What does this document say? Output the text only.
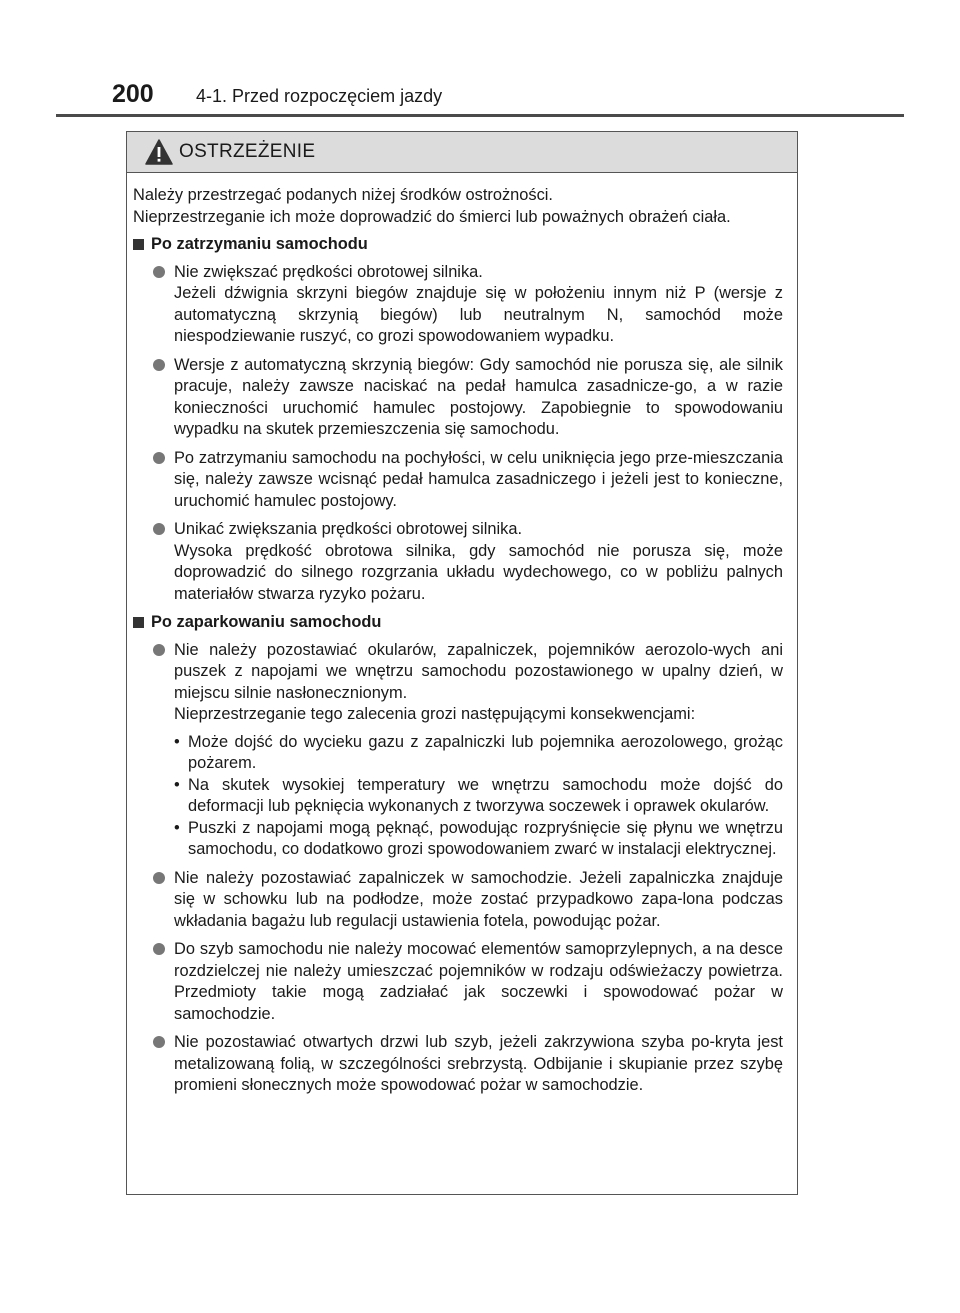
200	4-1. Przed rozpoczęciem jazdy
OSTRZEŻENIE

Należy przestrzegać podanych niżej środków ostrożności.
Nieprzestrzeganie ich może doprowadzić do śmierci lub poważnych obrażeń ciała.

Po zatrzymaniu samochodu

Nie zwiększać prędkości obrotowej silnika.

Jeżeli dźwignia skrzyni biegów znajduje się w położeniu innym niż P (wersje z automatyczną skrzynią biegów) lub neutralnym N, samochód może niespodziewanie ruszyć, co grozi spowodowaniem wypadku.

Wersje z automatyczną skrzynią biegów: Gdy samochód nie porusza się, ale silnik pracuje, należy zawsze naciskać na pedał hamulca zasadnicze-go, a w razie konieczności uruchomić hamulec postojowy. Zapobiegnie to spowodowaniu wypadku na skutek przemieszczenia się samochodu.

Po zatrzymaniu samochodu na pochyłości, w celu uniknięcia jego prze-mieszczania się, należy zawsze wcisnąć pedał hamulca zasadniczego i jeżeli jest to konieczne, uruchomić hamulec postojowy.

Unikać zwiększania prędkości obrotowej silnika.

Wysoka prędkość obrotowa silnika, gdy samochód nie porusza się, może doprowadzić do silnego rozgrzania układu wydechowego, co w pobliżu palnych materiałów stwarza ryzyko pożaru.

Po zaparkowaniu samochodu

Nie należy pozostawiać okularów, zapalniczek, pojemników aerozolo-wych ani puszek z napojami we wnętrzu samochodu pozostawionego w upalny dzień, w miejscu silnie nasłonecznionym.

Nieprzestrzeganie tego zalecenia grozi następującymi konsekwencjami:

• Może dojść do wycieku gazu z zapalniczki lub pojemnika aerozolowego, grożąc pożarem.
• Na skutek wysokiej temperatury we wnętrzu samochodu może dojść do deformacji lub pęknięcia wykonanych z tworzywa soczewek i oprawek okularów.
• Puszki z napojami mogą pęknąć, powodując rozpryśnięcie się płynu we wnętrzu samochodu, co dodatkowo grozi spowodowaniem zwarć w instalacji elektrycznej.

Nie należy pozostawiać zapalniczek w samochodzie. Jeżeli zapalniczka znajduje się w schowku lub na podłodze, może zostać przypadkowo zapa-lona podczas wkładania bagażu lub regulacji ustawienia fotela, powodując pożar.

Do szyb samochodu nie należy mocować elementów samoprzylepnych, a na desce rozdzielczej nie należy umieszczać pojemników w rodzaju odświeżaczy powietrza. Przedmioty takie mogą zadziałać jak soczewki i spowodować pożar w samochodzie.

Nie pozostawiać otwartych drzwi lub szyb, jeżeli zakrzywiona szyba po-kryta jest metalizowaną folią, w szczególności srebrzystą. Odbijanie i skupianie przez szybę promieni słonecznych może spowodować pożar w samochodzie.
